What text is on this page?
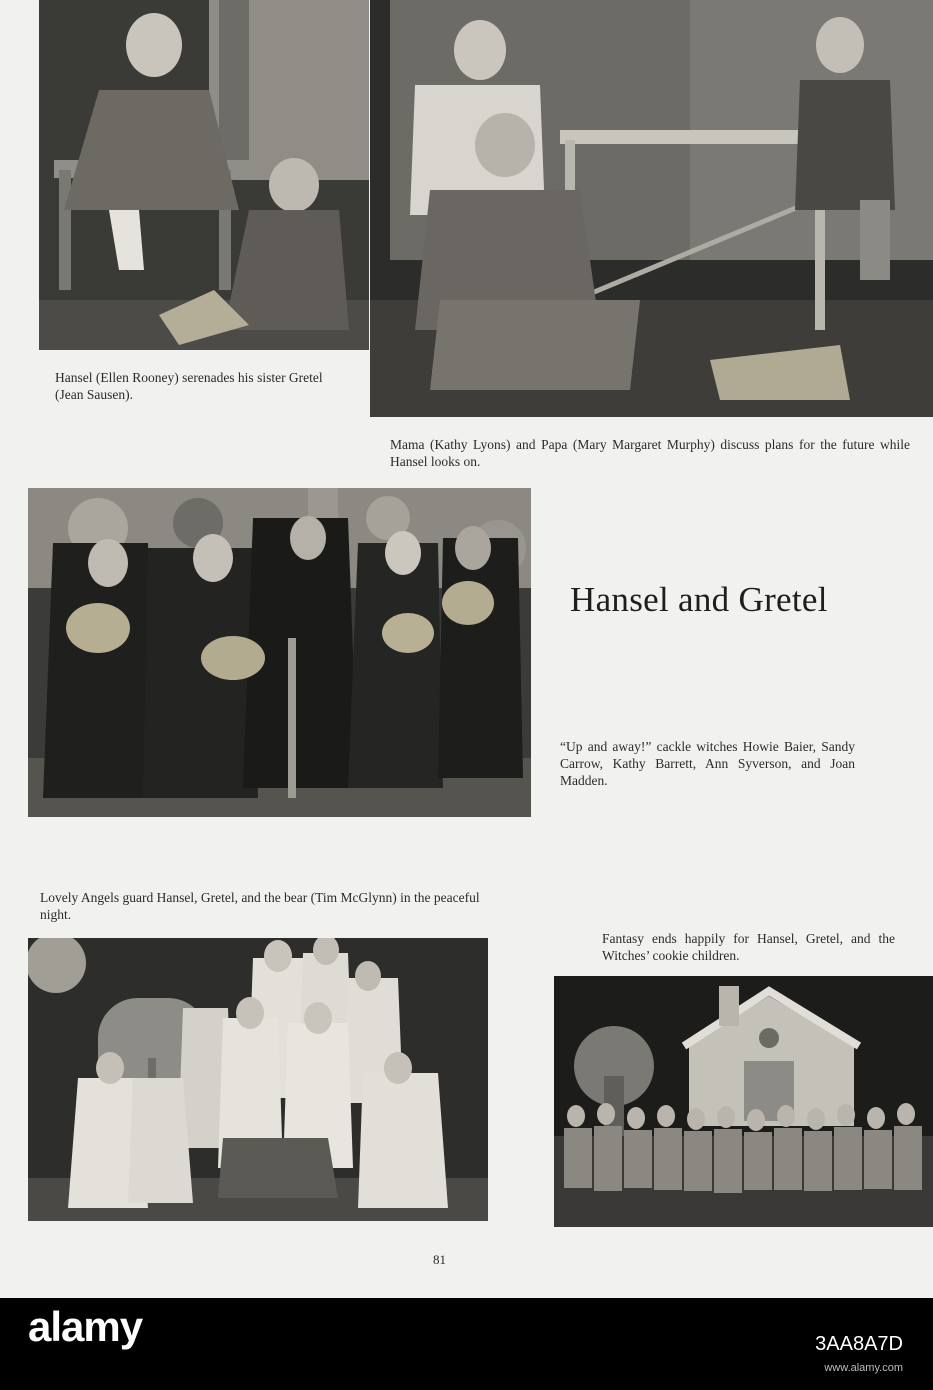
Hansel (Ellen Rooney) serenades his sister Gretel (Jean Sausen).
Mama (Kathy Lyons) and Papa (Mary Margaret Murphy) discuss plans for the future while Hansel looks on.
Hansel and Gretel
“Up and away!” cackle witches Howie Baier, Sandy Carrow, Kathy Barrett, Ann Syverson, and Joan Madden.
Lovely Angels guard Hansel, Gretel, and the bear (Tim McGlynn) in the peaceful night.
Fantasy ends happily for Hansel, Gretel, and the Witches’ cookie children.
81
alamy	3AA8A7D
www.alamy.com
